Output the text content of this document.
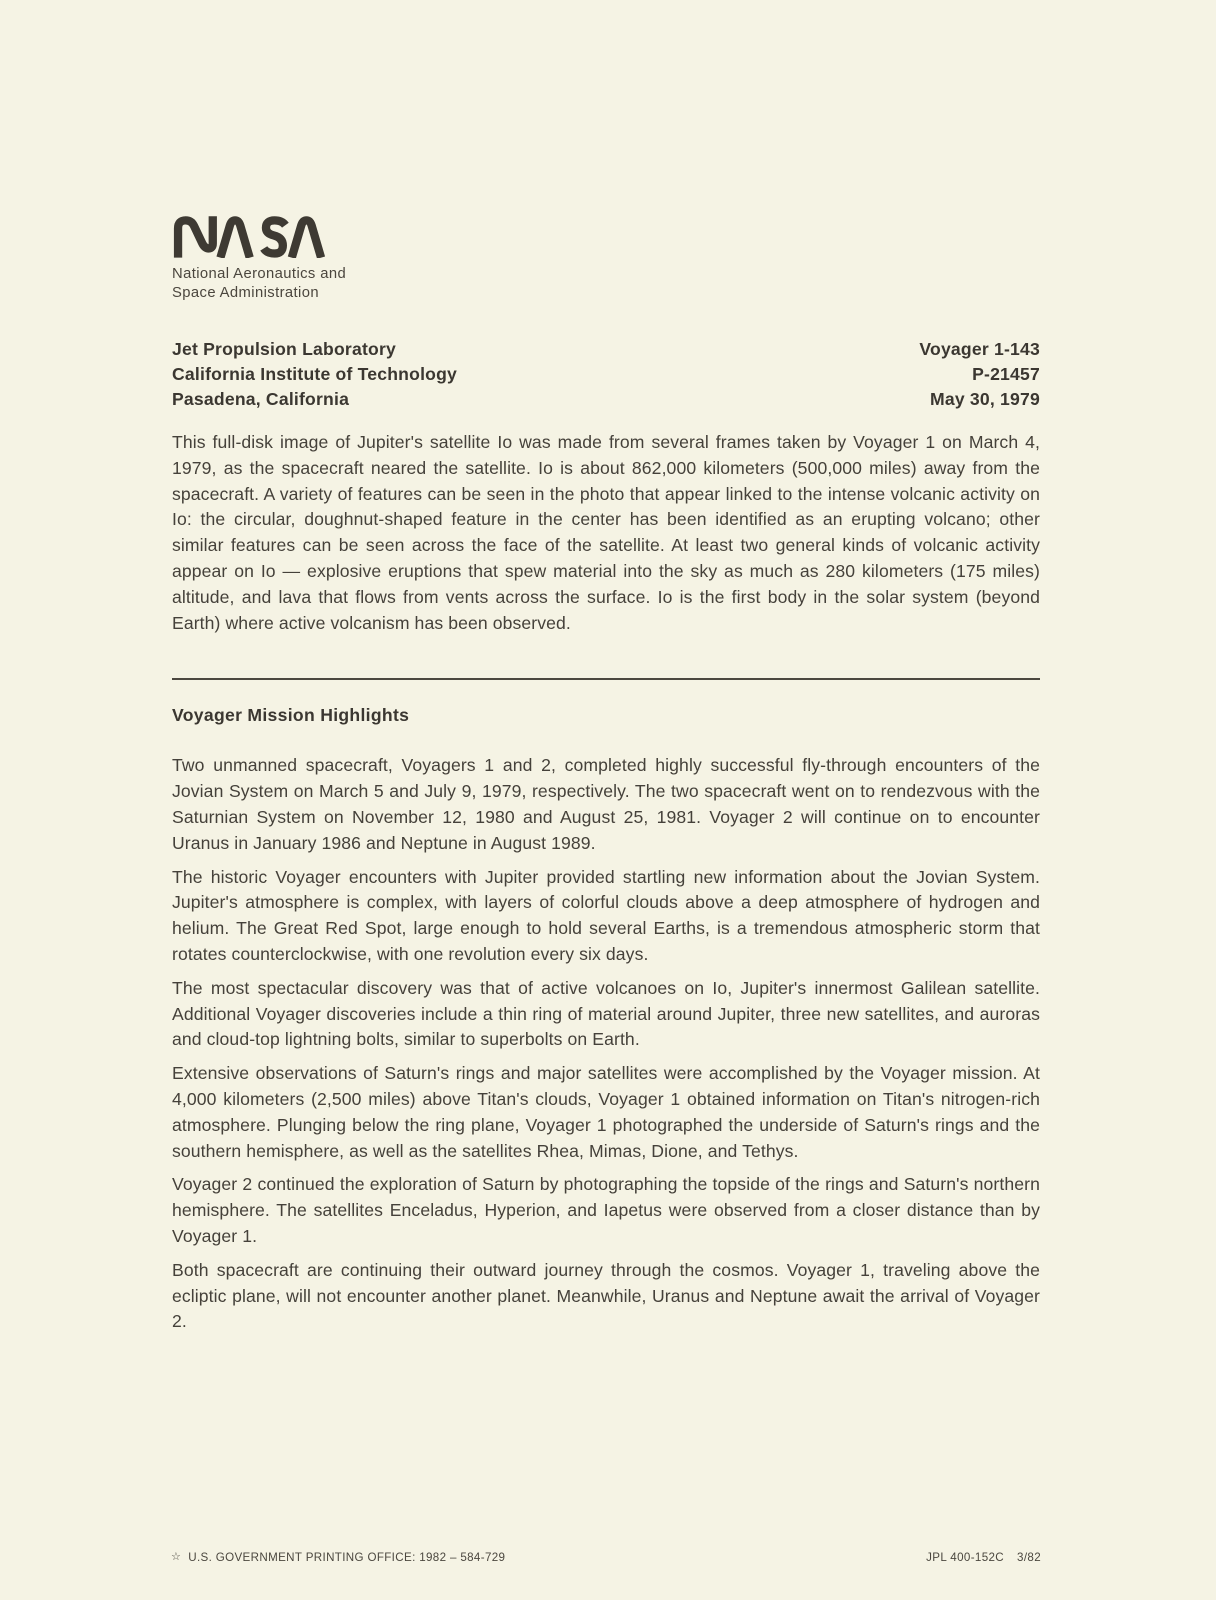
National Aeronautics and
Space Administration
Jet Propulsion Laboratory
California Institute of Technology
Pasadena, California
Voyager 1-143
P-21457
May 30, 1979

This full-disk image of Jupiter's satellite Io was made from several frames taken by Voyager 1 on March 4, 1979, as the spacecraft neared the satellite. Io is about 862,000 kilometers (500,000 miles) away from the spacecraft. A variety of features can be seen in the photo that appear linked to the intense volcanic activity on Io: the circular, doughnut-shaped feature in the center has been identified as an erupting volcano; other similar features can be seen across the face of the satellite. At least two general kinds of volcanic activity appear on Io — explosive eruptions that spew material into the sky as much as 280 kilometers (175 miles) altitude, and lava that flows from vents across the surface. Io is the first body in the solar system (beyond Earth) where active volcanism has been observed.

Voyager Mission Highlights

Two unmanned spacecraft, Voyagers 1 and 2, completed highly successful fly-through encounters of the Jovian System on March 5 and July 9, 1979, respectively. The two spacecraft went on to rendezvous with the Saturnian System on November 12, 1980 and August 25, 1981. Voyager 2 will continue on to encounter Uranus in January 1986 and Neptune in August 1989.

The historic Voyager encounters with Jupiter provided startling new information about the Jovian System. Jupiter's atmosphere is complex, with layers of colorful clouds above a deep atmosphere of hydrogen and helium. The Great Red Spot, large enough to hold several Earths, is a tremendous atmospheric storm that rotates counterclockwise, with one revolution every six days.

The most spectacular discovery was that of active volcanoes on Io, Jupiter's innermost Galilean satellite. Additional Voyager discoveries include a thin ring of material around Jupiter, three new satellites, and auroras and cloud-top lightning bolts, similar to superbolts on Earth.

Extensive observations of Saturn's rings and major satellites were accomplished by the Voyager mission. At 4,000 kilometers (2,500 miles) above Titan's clouds, Voyager 1 obtained information on Titan's nitrogen-rich atmosphere. Plunging below the ring plane, Voyager 1 photographed the underside of Saturn's rings and the southern hemisphere, as well as the satellites Rhea, Mimas, Dione, and Tethys.

Voyager 2 continued the exploration of Saturn by photographing the topside of the rings and Saturn's northern hemisphere. The satellites Enceladus, Hyperion, and Iapetus were observed from a closer distance than by Voyager 1.

Both spacecraft are continuing their outward journey through the cosmos. Voyager 1, traveling above the ecliptic plane, will not encounter another planet. Meanwhile, Uranus and Neptune await the arrival of Voyager 2.

☆ U.S. GOVERNMENT PRINTING OFFICE: 1982 – 584-729	JPL 400-152C 3/82
